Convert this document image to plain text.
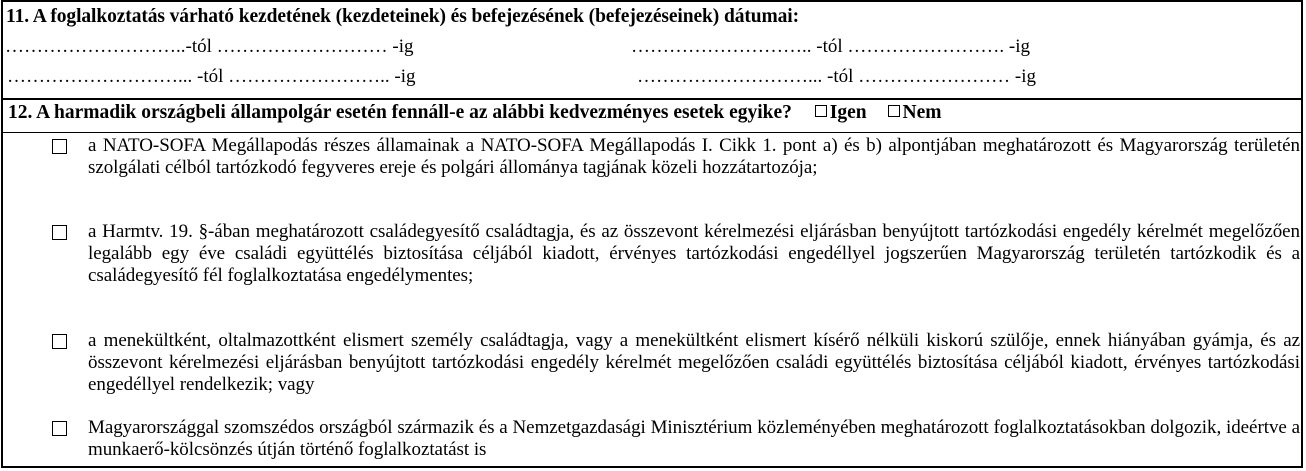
11. A foglalkoztatás várható kezdetének (kezdeteinek) és befejezésének (befejezéseinek) dátumai:
………………………..-tól ……………………… -ig	……………………….. -tól ……………………. -ig
………………………... -tól …………………….. -ig	………………………... -tól …………………… -ig
12. A harmadik országbeli állampolgár esetén fennáll-e az alábbi kedvezményes esetek egyike? Igen Nem
a NATO-SOFA Megállapodás részes államainak a NATO-SOFA Megállapodás I. Cikk 1. pont a) és b) alpontjában meghatározott és Magyarország területén szolgálati célból tartózkodó fegyveres ereje és polgári állománya tagjának közeli hozzátartozója;
a Harmtv. 19. §-ában meghatározott családegyesítő családtagja, és az összevont kérelmezési eljárásban benyújtott tartózkodási engedély kérelmét megelőzően legalább egy éve családi együttélés biztosítása céljából kiadott, érvényes tartózkodási engedéllyel jogszerűen Magyarország területén tartózkodik és a családegyesítő fél foglalkoztatása engedélymentes;
a menekültként, oltalmazottként elismert személy családtagja, vagy a menekültként elismert kísérő nélküli kiskorú szülője, ennek hiányában gyámja, és az összevont kérelmezési eljárásban benyújtott tartózkodási engedély kérelmét megelőzően családi együttélés biztosítása céljából kiadott, érvényes tartózkodási engedéllyel rendelkezik; vagy
Magyarországgal szomszédos országból származik és a Nemzetgazdasági Minisztérium közleményében meghatározott foglalkoztatásokban dolgozik, ideértve a munkaerő-kölcsönzés útján történő foglalkoztatást is
